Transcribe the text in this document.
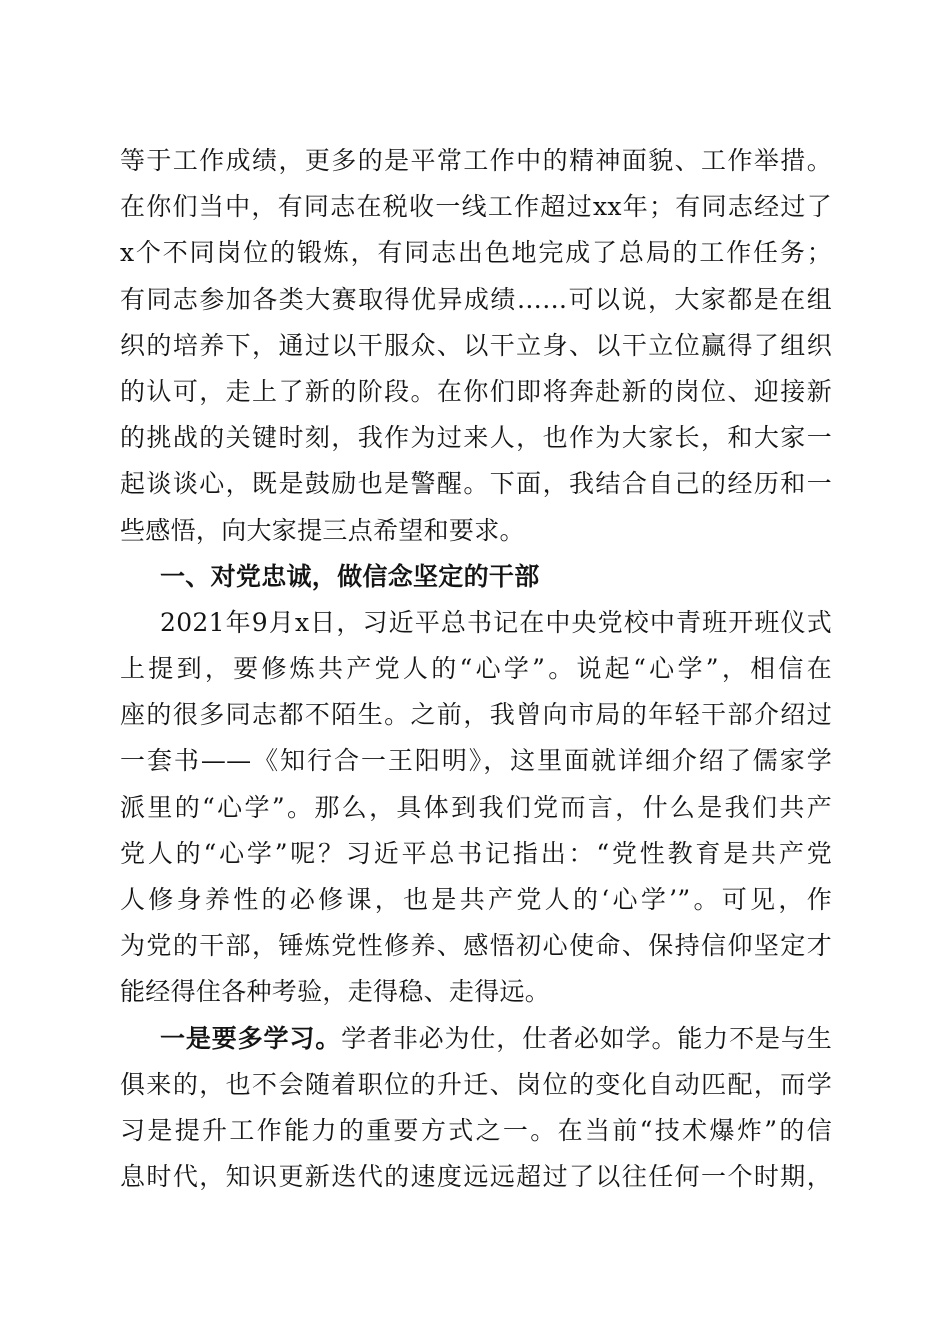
等于工作成绩，更多的是平常工作中的精神面貌、工作举措。
在你们当中，有同志在税收一线工作超过xx年；有同志经过了
x个不同岗位的锻炼，有同志出色地完成了总局的工作任务；
有同志参加各类大赛取得优异成绩……可以说，大家都是在组
织的培养下，通过以干服众、以干立身、以干立位赢得了组织
的认可，走上了新的阶段。在你们即将奔赴新的岗位、迎接新
的挑战的关键时刻，我作为过来人，也作为大家长，和大家一
起谈谈心，既是鼓励也是警醒。下面，我结合自己的经历和一
些感悟，向大家提三点希望和要求。
一、对党忠诚，做信念坚定的干部
2021年9月x日，习近平总书记在中央党校中青班开班仪式
上提到，要修炼共产党人的“心学”。说起“心学”，相信在
座的很多同志都不陌生。之前，我曾向市局的年轻干部介绍过
一套书——《知行合一王阳明》，这里面就详细介绍了儒家学
派里的“心学”。那么，具体到我们党而言，什么是我们共产
党人的“心学”呢？习近平总书记指出：“党性教育是共产党
人修身养性的必修课，也是共产党人的‘心学’”。可见，作
为党的干部，锤炼党性修养、感悟初心使命、保持信仰坚定才
能经得住各种考验，走得稳、走得远。
一是要多学习。学者非必为仕，仕者必如学。能力不是与生
俱来的，也不会随着职位的升迁、岗位的变化自动匹配，而学
习是提升工作能力的重要方式之一。在当前“技术爆炸”的信
息时代，知识更新迭代的速度远远超过了以往任何一个时期，
